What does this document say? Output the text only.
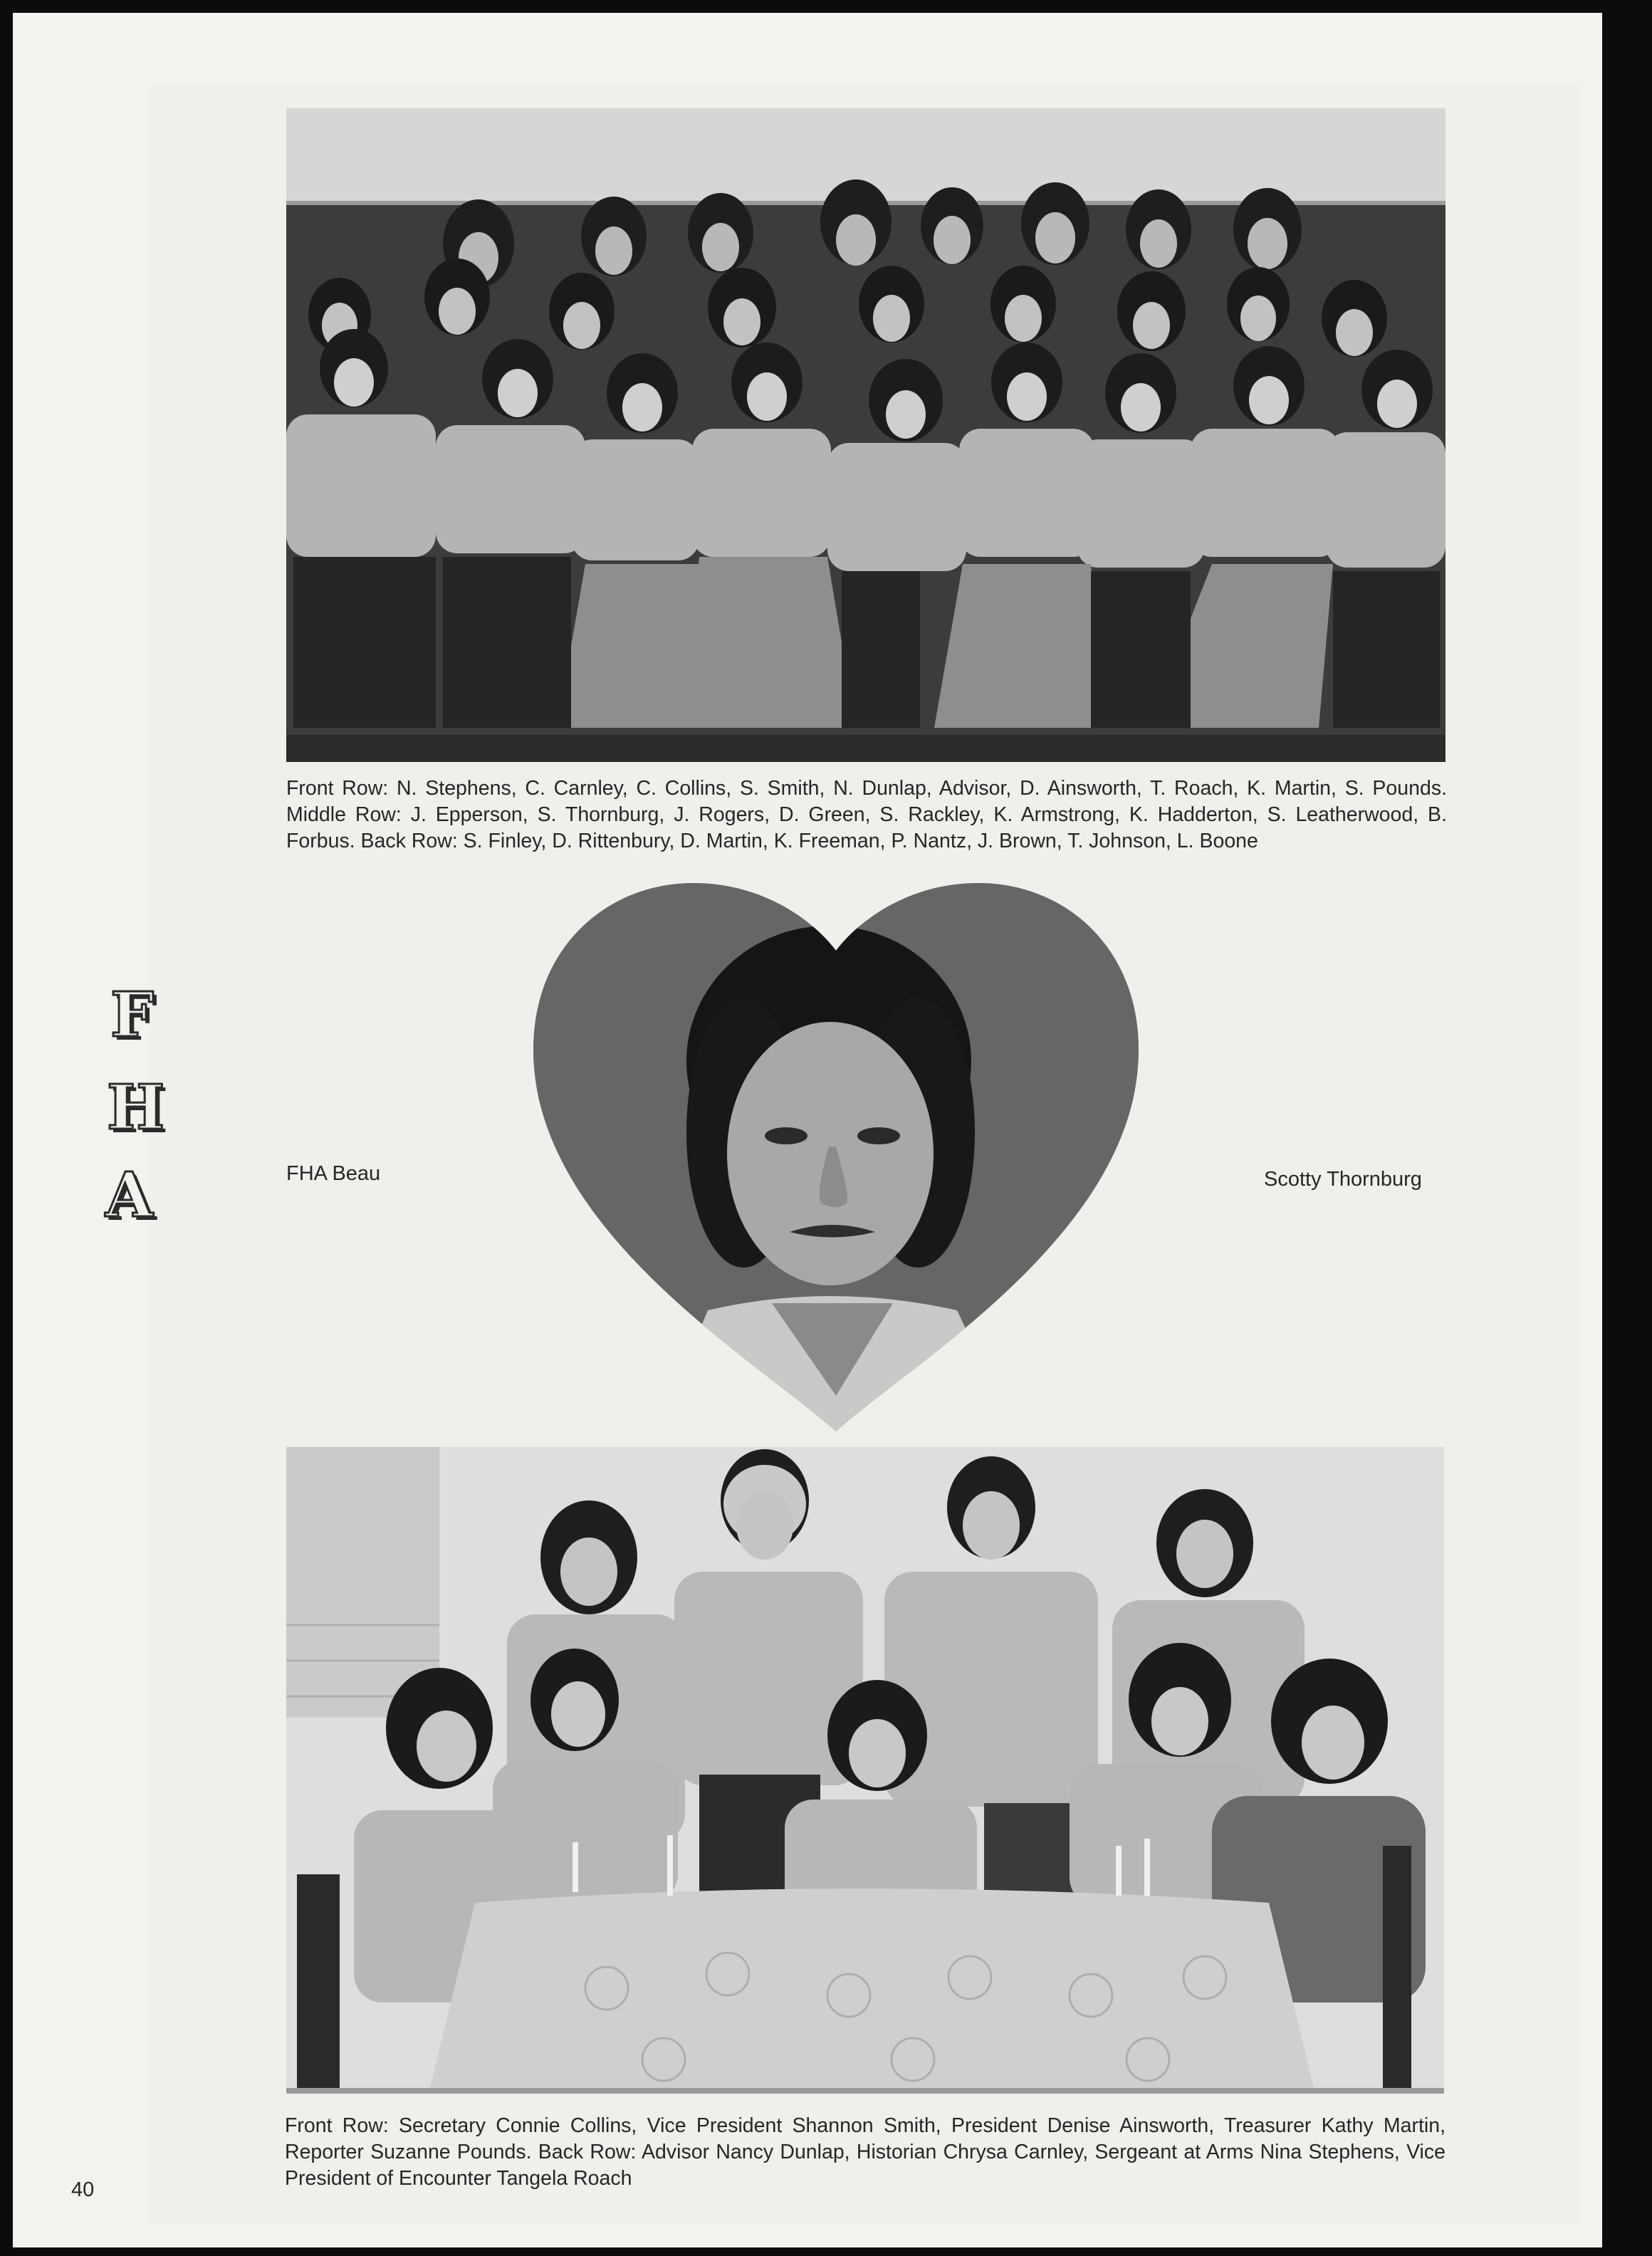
Front Row: N. Stephens, C. Carnley, C. Collins, S. Smith, N. Dunlap, Advisor, D. Ainsworth, T. Roach, K. Martin, S. Pounds. Middle Row: J. Epperson, S. Thornburg, J. Rogers, D. Green, S. Rackley, K. Armstrong, K. Hadderton, S. Leatherwood, B. Forbus. Back Row: S. Finley, D. Rittenbury, D. Martin, K. Freeman, P. Nantz, J. Brown, T. Johnson, L. Boone
F
H
A	FHA Beau	Scotty Thornburg
Front Row: Secretary Connie Collins, Vice President Shannon Smith, President Denise Ainsworth, Treasurer Kathy Martin, Reporter Suzanne Pounds. Back Row: Advisor Nancy Dunlap, Historian Chrysa Carnley, Sergeant at Arms Nina Stephens, Vice President of Encounter Tangela Roach
40
